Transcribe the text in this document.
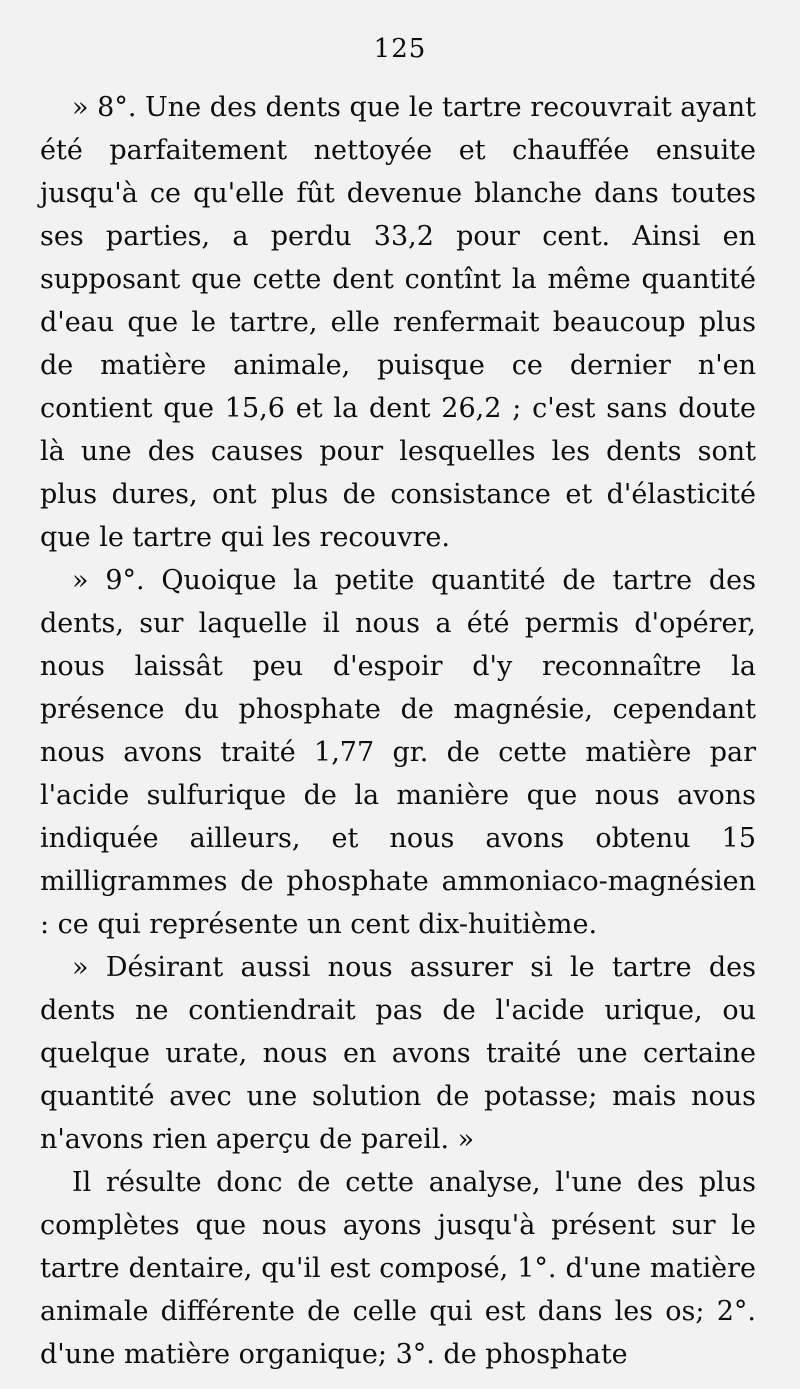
125

» 8°. Une des dents que le tartre recouvrait ayant été parfaitement nettoyée et chauffée ensuite jusqu'à ce qu'elle fût devenue blanche dans toutes ses parties, a perdu 33,2 pour cent. Ainsi en supposant que cette dent contînt la même quantité d'eau que le tartre, elle renfermait beaucoup plus de matière animale, puisque ce dernier n'en contient que 15,6 et la dent 26,2 ; c'est sans doute là une des causes pour lesquelles les dents sont plus dures, ont plus de consistance et d'élasticité que le tartre qui les recouvre.

» 9°. Quoique la petite quantité de tartre des dents, sur laquelle il nous a été permis d'opérer, nous laissât peu d'espoir d'y reconnaître la présence du phosphate de magnésie, cependant nous avons traité 1,77 gr. de cette matière par l'acide sulfurique de la manière que nous avons indiquée ailleurs, et nous avons obtenu 15 milligrammes de phosphate ammoniaco-magnésien : ce qui représente un cent dix-huitième.

» Désirant aussi nous assurer si le tartre des dents ne contiendrait pas de l'acide urique, ou quelque urate, nous en avons traité une certaine quantité avec une solution de potasse; mais nous n'avons rien aperçu de pareil. »

Il résulte donc de cette analyse, l'une des plus complètes que nous ayons jusqu'à présent sur le tartre dentaire, qu'il est composé, 1°. d'une matière animale différente de celle qui est dans les os; 2°. d'une matière organique; 3°. de phosphate
